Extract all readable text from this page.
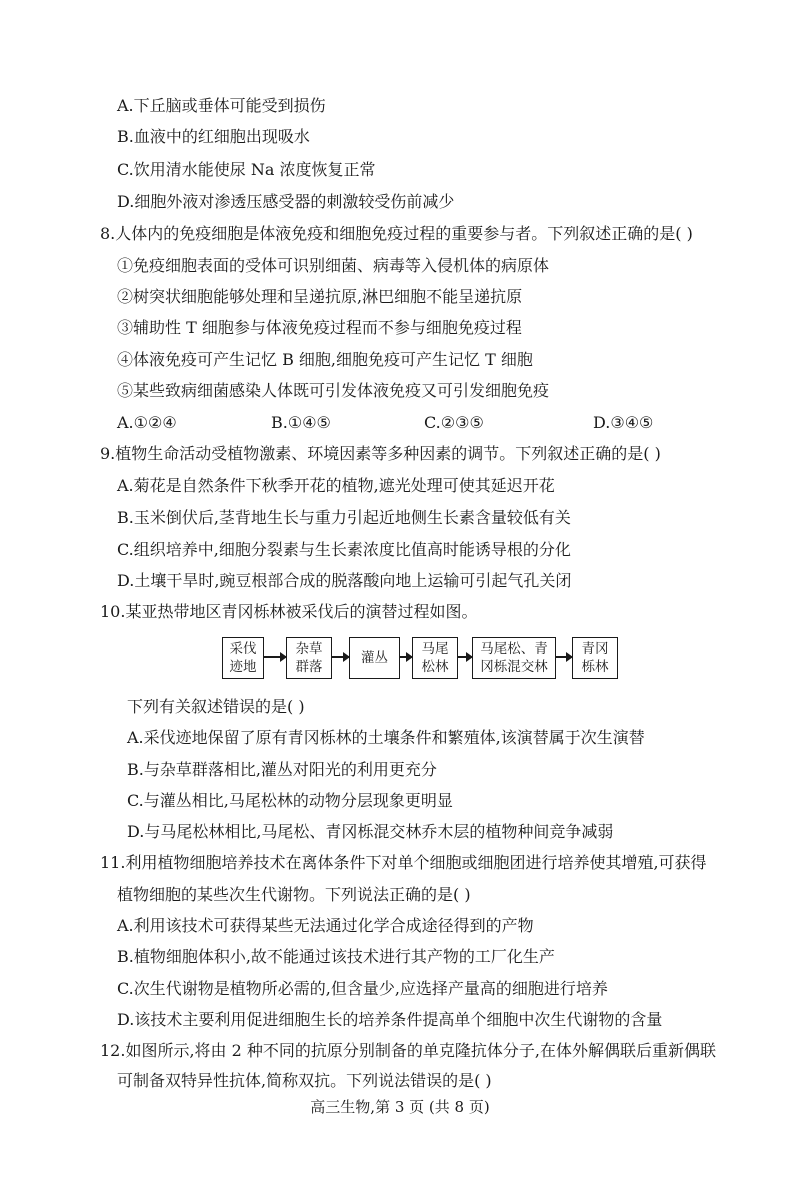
A.下丘脑或垂体可能受到损伤
B.血液中的红细胞出现吸水
C.饮用清水能使尿 Na 浓度恢复正常
D.细胞外液对渗透压感受器的刺激较受伤前减少
8.人体内的免疫细胞是体液免疫和细胞免疫过程的重要参与者。下列叙述正确的是( )
①免疫细胞表面的受体可识别细菌、病毒等入侵机体的病原体
②树突状细胞能够处理和呈递抗原,淋巴细胞不能呈递抗原
③辅助性 T 细胞参与体液免疫过程而不参与细胞免疫过程
④体液免疫可产生记忆 B 细胞,细胞免疫可产生记忆 T 细胞
⑤某些致病细菌感染人体既可引发体液免疫又可引发细胞免疫
A.①②④	B.①④⑤	C.②③⑤	D.③④⑤
9.植物生命活动受植物激素、环境因素等多种因素的调节。下列叙述正确的是( )
A.菊花是自然条件下秋季开花的植物,遮光处理可使其延迟开花
B.玉米倒伏后,茎背地生长与重力引起近地侧生长素含量较低有关
C.组织培养中,细胞分裂素与生长素浓度比值高时能诱导根的分化
D.土壤干旱时,豌豆根部合成的脱落酸向地上运输可引起气孔关闭
10.某亚热带地区青冈栎林被采伐后的演替过程如图。
采伐
迹地
杂草
群落
灌丛
马尾
松林
马尾松、青
冈栎混交林
青冈
栎林
下列有关叙述错误的是( )
A.采伐迹地保留了原有青冈栎林的土壤条件和繁殖体,该演替属于次生演替
B.与杂草群落相比,灌丛对阳光的利用更充分
C.与灌丛相比,马尾松林的动物分层现象更明显
D.与马尾松林相比,马尾松、青冈栎混交林乔木层的植物种间竞争减弱
11.利用植物细胞培养技术在离体条件下对单个细胞或细胞团进行培养使其增殖,可获得
植物细胞的某些次生代谢物。下列说法正确的是( )
A.利用该技术可获得某些无法通过化学合成途径得到的产物
B.植物细胞体积小,故不能通过该技术进行其产物的工厂化生产
C.次生代谢物是植物所必需的,但含量少,应选择产量高的细胞进行培养
D.该技术主要利用促进细胞生长的培养条件提高单个细胞中次生代谢物的含量
12.如图所示,将由 2 种不同的抗原分别制备的单克隆抗体分子,在体外解偶联后重新偶联
可制备双特异性抗体,简称双抗。下列说法错误的是( )
高三生物,第 3 页 (共 8 页)
